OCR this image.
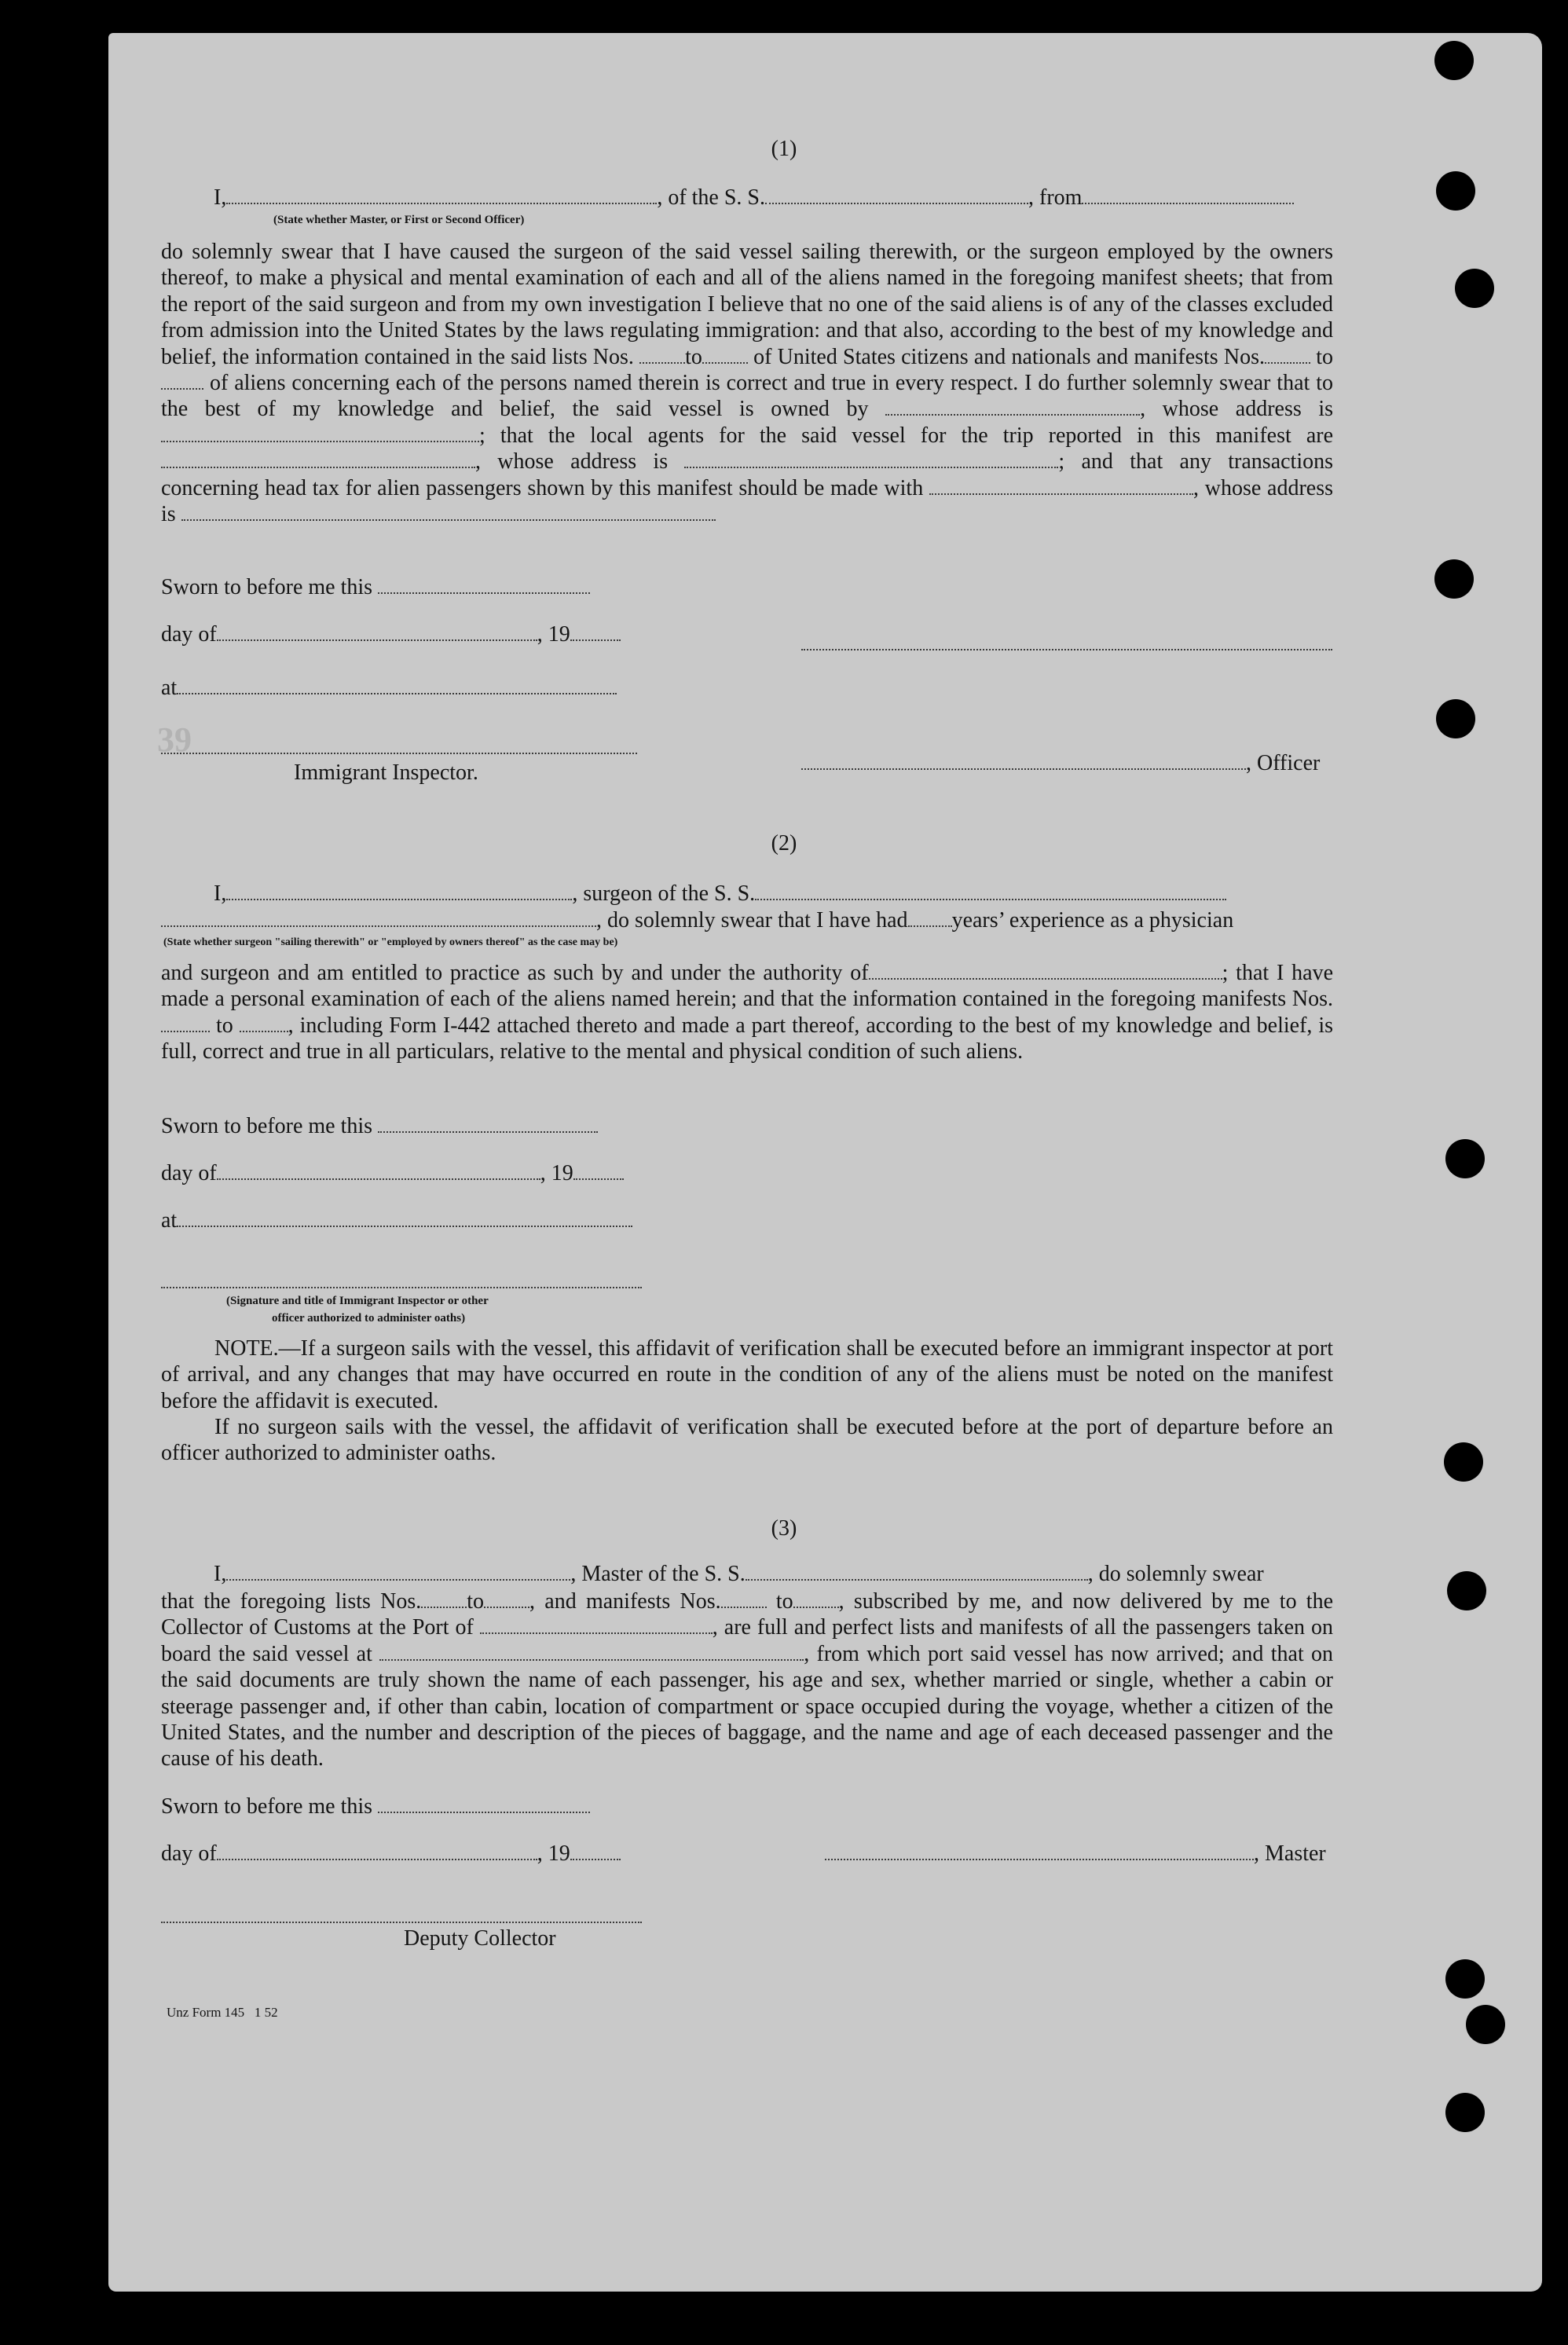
39
(1)
I,	, of the S. S.	, from
(State whether Master, or First or Second Officer)
do solemnly swear that I have caused the surgeon of the said vessel sailing therewith, or the surgeon employed by the owners thereof, to make a physical and mental examination of each and all of the aliens named in the foregoing manifest sheets; that from the report of the said surgeon and from my own investigation I believe that no one of the said aliens is of any of the classes excluded from admission into the United States by the laws regulating immigration: and that also, according to the best of my knowledge and belief, the information contained in the said lists Nos. to of United States citizens and nationals and manifests Nos. to  of aliens concerning each of the persons named therein is correct and true in every respect. I do further solemnly swear that to the best of my knowledge and belief, the said vessel is owned by	, whose address is ; that the local agents for the said vessel for the trip reported in this manifest are , whose address is	; and that any transactions concerning head tax for alien passengers shown by this manifest should be made with	, whose address is
Sworn to before me this
day of	, 19
at
Immigrant Inspector.	, Officer
(2)
I,	, surgeon of the S. S.
, do solemnly swear that I have had years’ experience as a physician
(State whether surgeon "sailing therewith" or "employed by owners thereof" as the case may be)
and surgeon and am entitled to practice as such by and under the authority of	; that I have made a personal examination of each of the aliens named herein; and that the information contained in the foregoing manifests Nos. to , including Form I-442 attached thereto and made a part thereof, according to the best of my knowledge and belief, is full, correct and true in all particulars, relative to the mental and physical condition of such aliens.
Sworn to before me this
day of	, 19
at
(Signature and title of Immigrant Inspector or other
officer authorized to administer oaths)
NOTE.—If a surgeon sails with the vessel, this affidavit of verification shall be executed before an immigrant inspector at port of arrival, and any changes that may have occurred en route in the condition of any of the aliens must be noted on the manifest before the affidavit is executed.
If no surgeon sails with the vessel, the affidavit of verification shall be executed before at the port of departure before an officer authorized to administer oaths.
(3)
I,	, Master of the S. S.	, do solemnly swear
that the foregoing lists Nos. to , and manifests Nos.	to , subscribed by me, and now delivered by me to the Collector of Customs at the Port of	, are full and perfect lists and manifests of all the passengers taken on board the said vessel at	, from which port said vessel has now arrived; and that on the said documents are truly shown the name of each passenger, his age and sex, whether married or single, whether a cabin or steerage passenger and, if other than cabin, location of compartment or space occupied during the voyage, whether a citizen of the United States, and the number and description of the pieces of baggage, and the name and age of each deceased passenger and the cause of his death.
Sworn to before me this
day of	, 19	, Master
Deputy Collector
Unz Form 145   1 52
